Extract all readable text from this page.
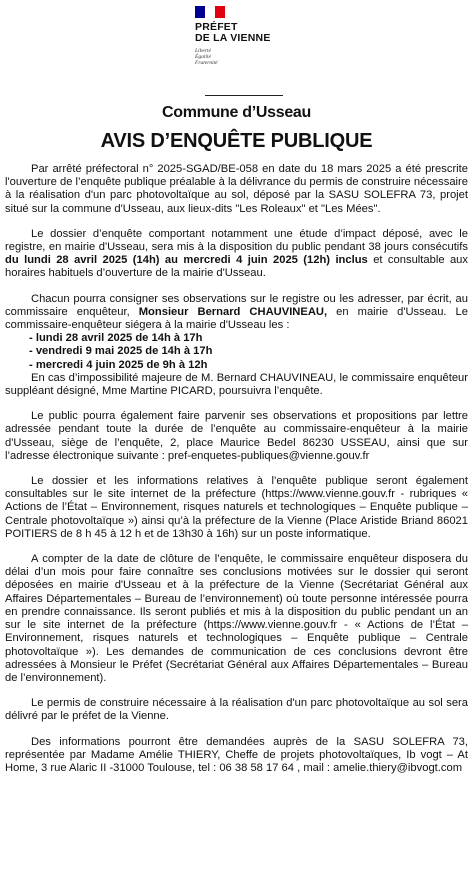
PRÉFET
DE LA VIENNE
Liberté
Égalité
Fraternité
Commune d’Usseau
AVIS D’ENQUÊTE PUBLIQUE

Par arrêté préfectoral n° 2025-SGAD/BE-058 en date du 18 mars 2025 a été prescrite l'ouverture de l’enquête publique préalable à la délivrance du permis de construire nécessaire à la réalisation d'un parc photovoltaïque au sol, déposé par la SASU SOLEFRA 73, projet situé sur la commune d'Usseau, aux lieux-dits "Les Roleaux" et "Les Mées".

Le dossier d’enquête comportant notamment une étude d’impact déposé, avec le registre, en mairie d'Usseau, sera mis à la disposition du public pendant 38 jours consécutifs du lundi 28 avril 2025 (14h) au mercredi 4 juin 2025 (12h) inclus et consultable aux horaires habituels d’ouverture de la mairie d'Usseau.

Chacun pourra consigner ses observations sur le registre ou les adresser, par écrit, au commissaire enquêteur, Monsieur Bernard CHAUVINEAU, en mairie d'Usseau. Le commissaire-enquêteur siégera à la mairie d'Usseau les :

- lundi 28 avril 2025 de 14h à 17h
- vendredi 9 mai 2025 de 14h à 17h
- mercredi 4 juin 2025 de 9h à 12h

En cas d’impossibilité majeure de M. Bernard CHAUVINEAU, le commissaire enquêteur suppléant désigné, Mme Martine PICARD, poursuivra l’enquête.

Le public pourra également faire parvenir ses observations et propositions par lettre adressée pendant toute la durée de l’enquête au commissaire-enquêteur à la mairie d'Usseau, siège de l’enquête, 2, place Maurice Bedel 86230 USSEAU, ainsi que sur l’adresse électronique suivante : pref-enquetes-publiques@vienne.gouv.fr

Le dossier et les informations relatives à l’enquête publique seront également consultables sur le site internet de la préfecture (https://www.vienne.gouv.fr - rubriques « Actions de l’État – Environnement, risques naturels et technologiques – Enquête publique – Centrale photovoltaïque ») ainsi qu’à la préfecture de la Vienne (Place Aristide Briand 86021 POITIERS de 8 h 45 à 12 h et de 13h30 à 16h) sur un poste informatique.

A compter de la date de clôture de l’enquête, le commissaire enquêteur disposera du délai d’un mois pour faire connaître ses conclusions motivées sur le dossier qui seront déposées en mairie d'Usseau et à la préfecture de la Vienne (Secrétariat Général aux Affaires Départementales – Bureau de l’environnement) où toute personne intéressée pourra en prendre connaissance. Ils seront publiés et mis à la disposition du public pendant un an sur le site internet de la préfecture (https://www.vienne.gouv.fr - « Actions de l’État – Environnement, risques naturels et technologiques – Enquête publique – Centrale photovoltaïque »). Les demandes de communication de ces conclusions devront être adressées à Monsieur le Préfet (Secrétariat Général aux Affaires Départementales – Bureau de l’environnement).

Le permis de construire nécessaire à la réalisation d'un parc photovoltaïque au sol sera délivré par le préfet de la Vienne.

Des informations pourront être demandées auprès de la SASU SOLEFRA 73, représentée par Madame Amélie THIERY, Cheffe de projets photovoltaïques, Ib vogt – At Home, 3 rue Alaric II -31000 Toulouse, tel : 06 38 58 17 64 , mail : amelie.thiery@ibvogt.com
